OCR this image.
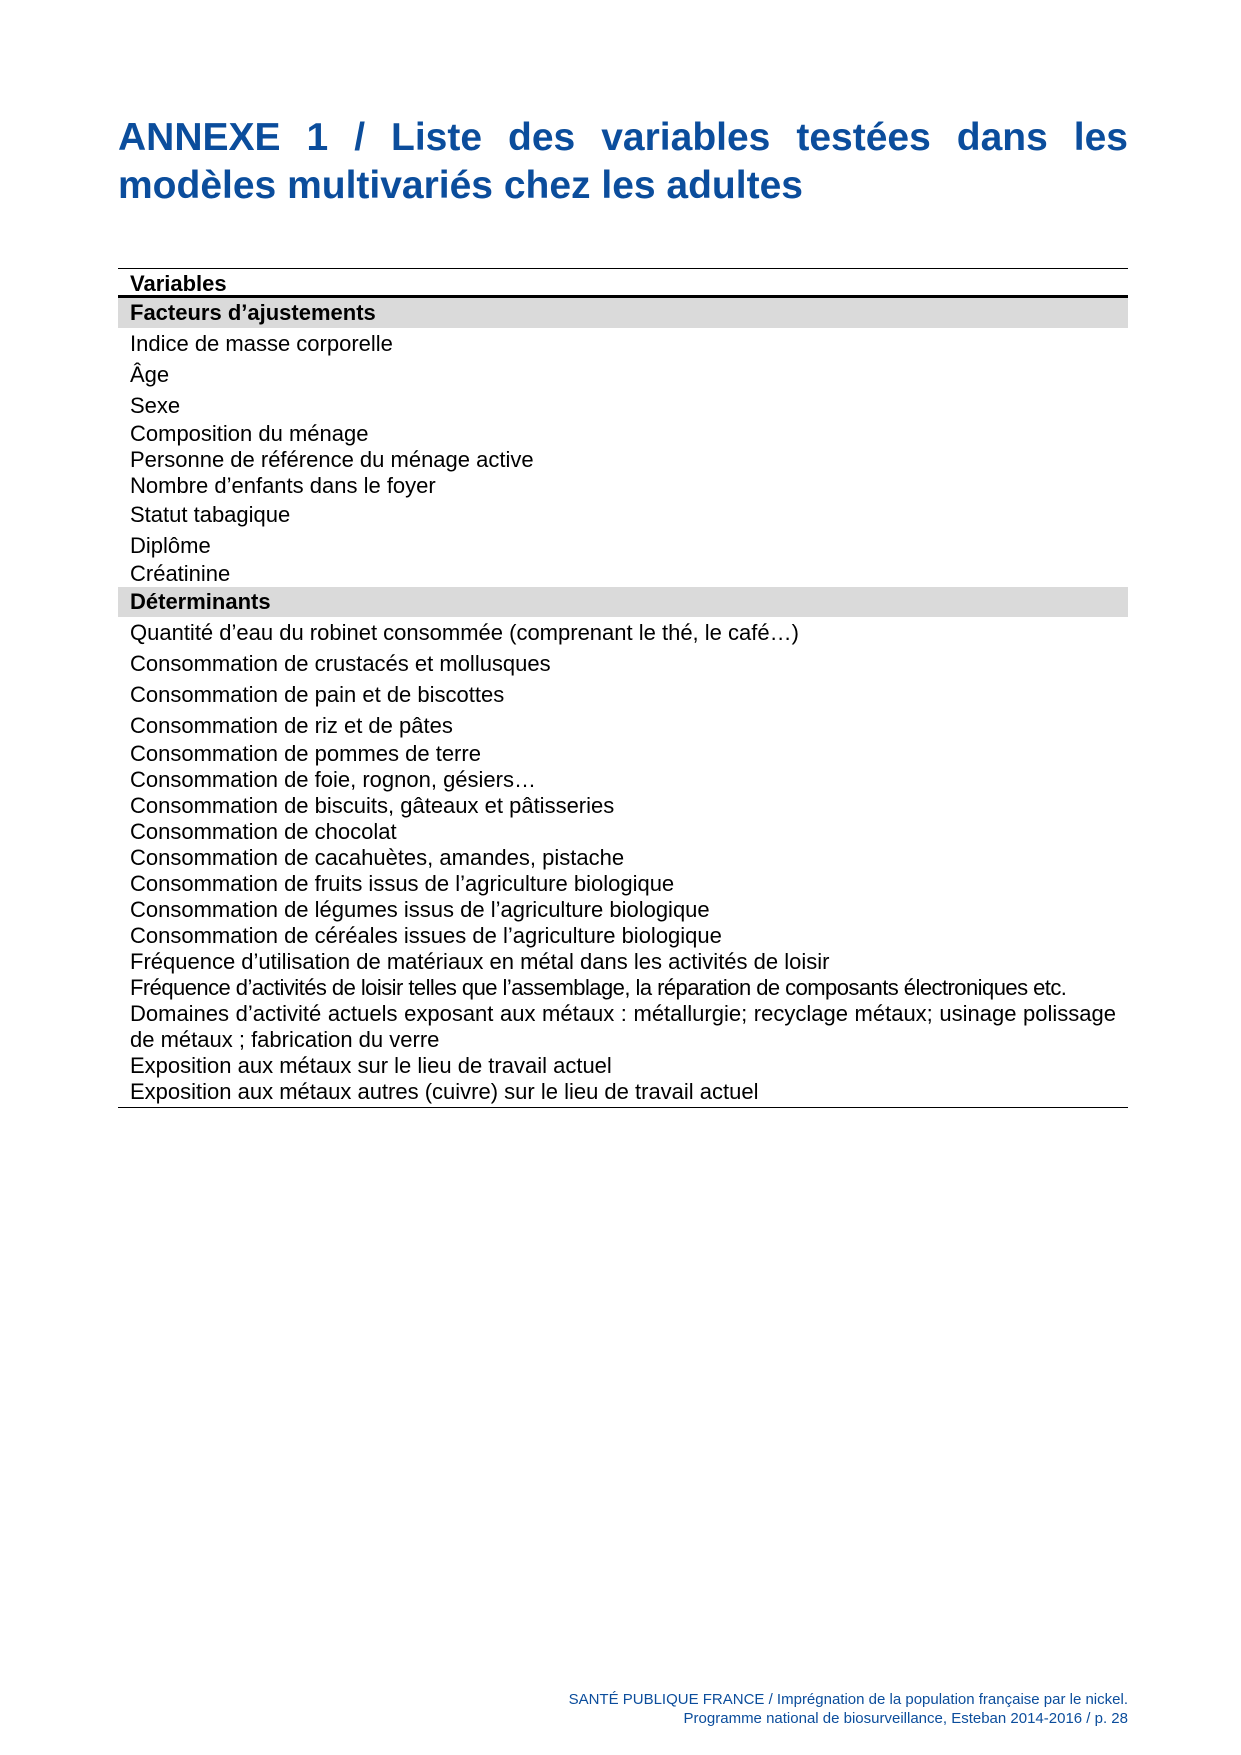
ANNEXE 1 / Liste des variables testées dans les modèles multivariés chez les adultes
Variables
Facteurs d’ajustements
Indice de masse corporelle
Âge
Sexe
Composition du ménage
Personne de référence du ménage active
Nombre d’enfants dans le foyer
Statut tabagique
Diplôme
Créatinine
Déterminants
Quantité d’eau du robinet consommée (comprenant le thé, le café…)
Consommation de crustacés et mollusques
Consommation de pain et de biscottes
Consommation de riz et de pâtes
Consommation de pommes de terre
Consommation de foie, rognon, gésiers…
Consommation de biscuits, gâteaux et pâtisseries
Consommation de chocolat
Consommation de cacahuètes, amandes, pistache
Consommation de fruits issus de l’agriculture biologique
Consommation de légumes issus de l’agriculture biologique
Consommation de céréales issues de l’agriculture biologique
Fréquence d’utilisation de matériaux en métal dans les activités de loisir
Fréquence d’activités de loisir telles que l’assemblage, la réparation de composants électroniques etc.
Domaines d’activité actuels exposant aux métaux : métallurgie; recyclage métaux; usinage polissage de métaux ; fabrication du verre
Exposition aux métaux sur le lieu de travail actuel
Exposition aux métaux autres (cuivre) sur le lieu de travail actuel
SANTÉ PUBLIQUE FRANCE / Imprégnation de la population française par le nickel.
Programme national de biosurveillance, Esteban 2014-2016 / p. 28
